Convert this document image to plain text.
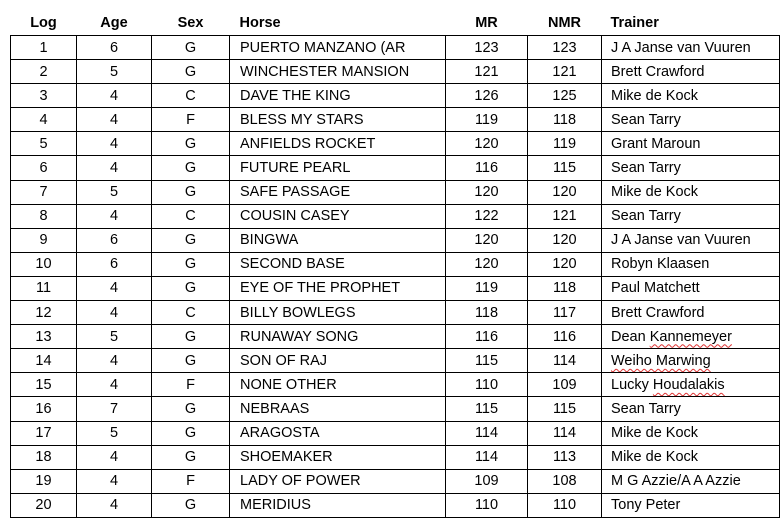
Log	Age	Sex	Horse	MR	NMR	Trainer
1	6	G	PUERTO MANZANO (AR	123	123	J A Janse van Vuuren
2	5	G	WINCHESTER MANSION	121	121	Brett Crawford
3	4	C	DAVE THE KING	126	125	Mike de Kock
4	4	F	BLESS MY STARS	119	118	Sean Tarry
5	4	G	ANFIELDS ROCKET	120	119	Grant Maroun
6	4	G	FUTURE PEARL	116	115	Sean Tarry
7	5	G	SAFE PASSAGE	120	120	Mike de Kock
8	4	C	COUSIN CASEY	122	121	Sean Tarry
9	6	G	BINGWA	120	120	J A Janse van Vuuren
10	6	G	SECOND BASE	120	120	Robyn Klaasen
11	4	G	EYE OF THE PROPHET	119	118	Paul Matchett
12	4	C	BILLY BOWLEGS	118	117	Brett Crawford
13	5	G	RUNAWAY SONG	116	116	Dean Kannemeyer
14	4	G	SON OF RAJ	115	114	Weiho Marwing
15	4	F	NONE OTHER	110	109	Lucky Houdalakis
16	7	G	NEBRAAS	115	115	Sean Tarry
17	5	G	ARAGOSTA	114	114	Mike de Kock
18	4	G	SHOEMAKER	114	113	Mike de Kock
19	4	F	LADY OF POWER	109	108	M G Azzie/A A Azzie
20	4	G	MERIDIUS	110	110	Tony Peter
